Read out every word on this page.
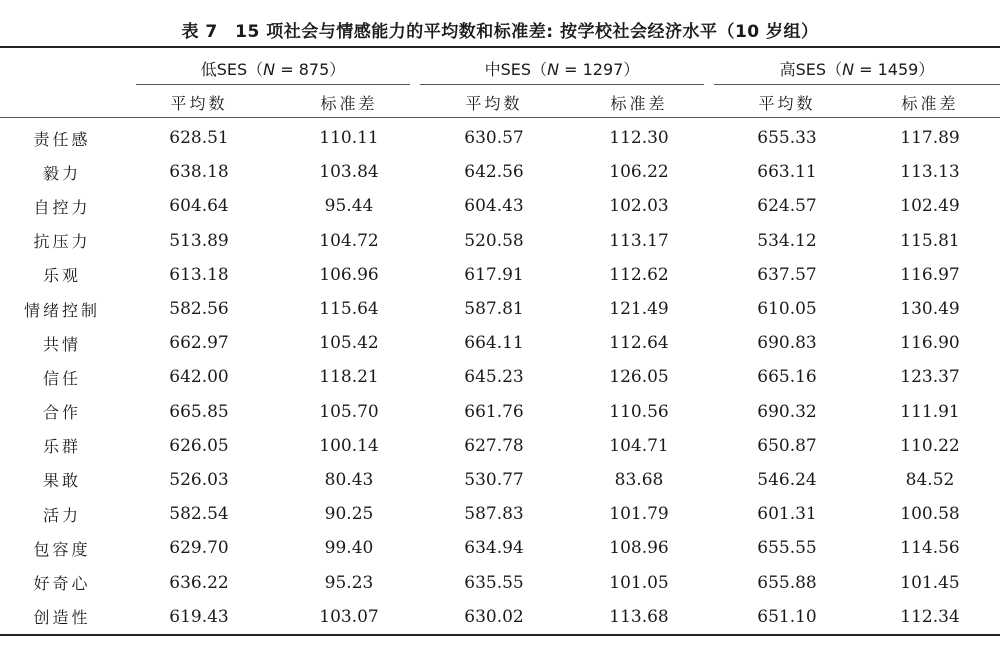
表 7　15 项社会与情感能力的平均数和标准差: 按学校社会经济水平（10 岁组）
低SES（N = 875）	中SES（N = 1297）	高SES（N = 1459）
平均数	标准差	平均数	标准差	平均数	标准差
责任感	628.51	110.11	630.57	112.30	655.33	117.89
毅力	638.18	103.84	642.56	106.22	663.11	113.13
自控力	604.64	95.44	604.43	102.03	624.57	102.49
抗压力	513.89	104.72	520.58	113.17	534.12	115.81
乐观	613.18	106.96	617.91	112.62	637.57	116.97
情绪控制	582.56	115.64	587.81	121.49	610.05	130.49
共情	662.97	105.42	664.11	112.64	690.83	116.90
信任	642.00	118.21	645.23	126.05	665.16	123.37
合作	665.85	105.70	661.76	110.56	690.32	111.91
乐群	626.05	100.14	627.78	104.71	650.87	110.22
果敢	526.03	80.43	530.77	83.68	546.24	84.52
活力	582.54	90.25	587.83	101.79	601.31	100.58
包容度	629.70	99.40	634.94	108.96	655.55	114.56
好奇心	636.22	95.23	635.55	101.05	655.88	101.45
创造性	619.43	103.07	630.02	113.68	651.10	112.34
